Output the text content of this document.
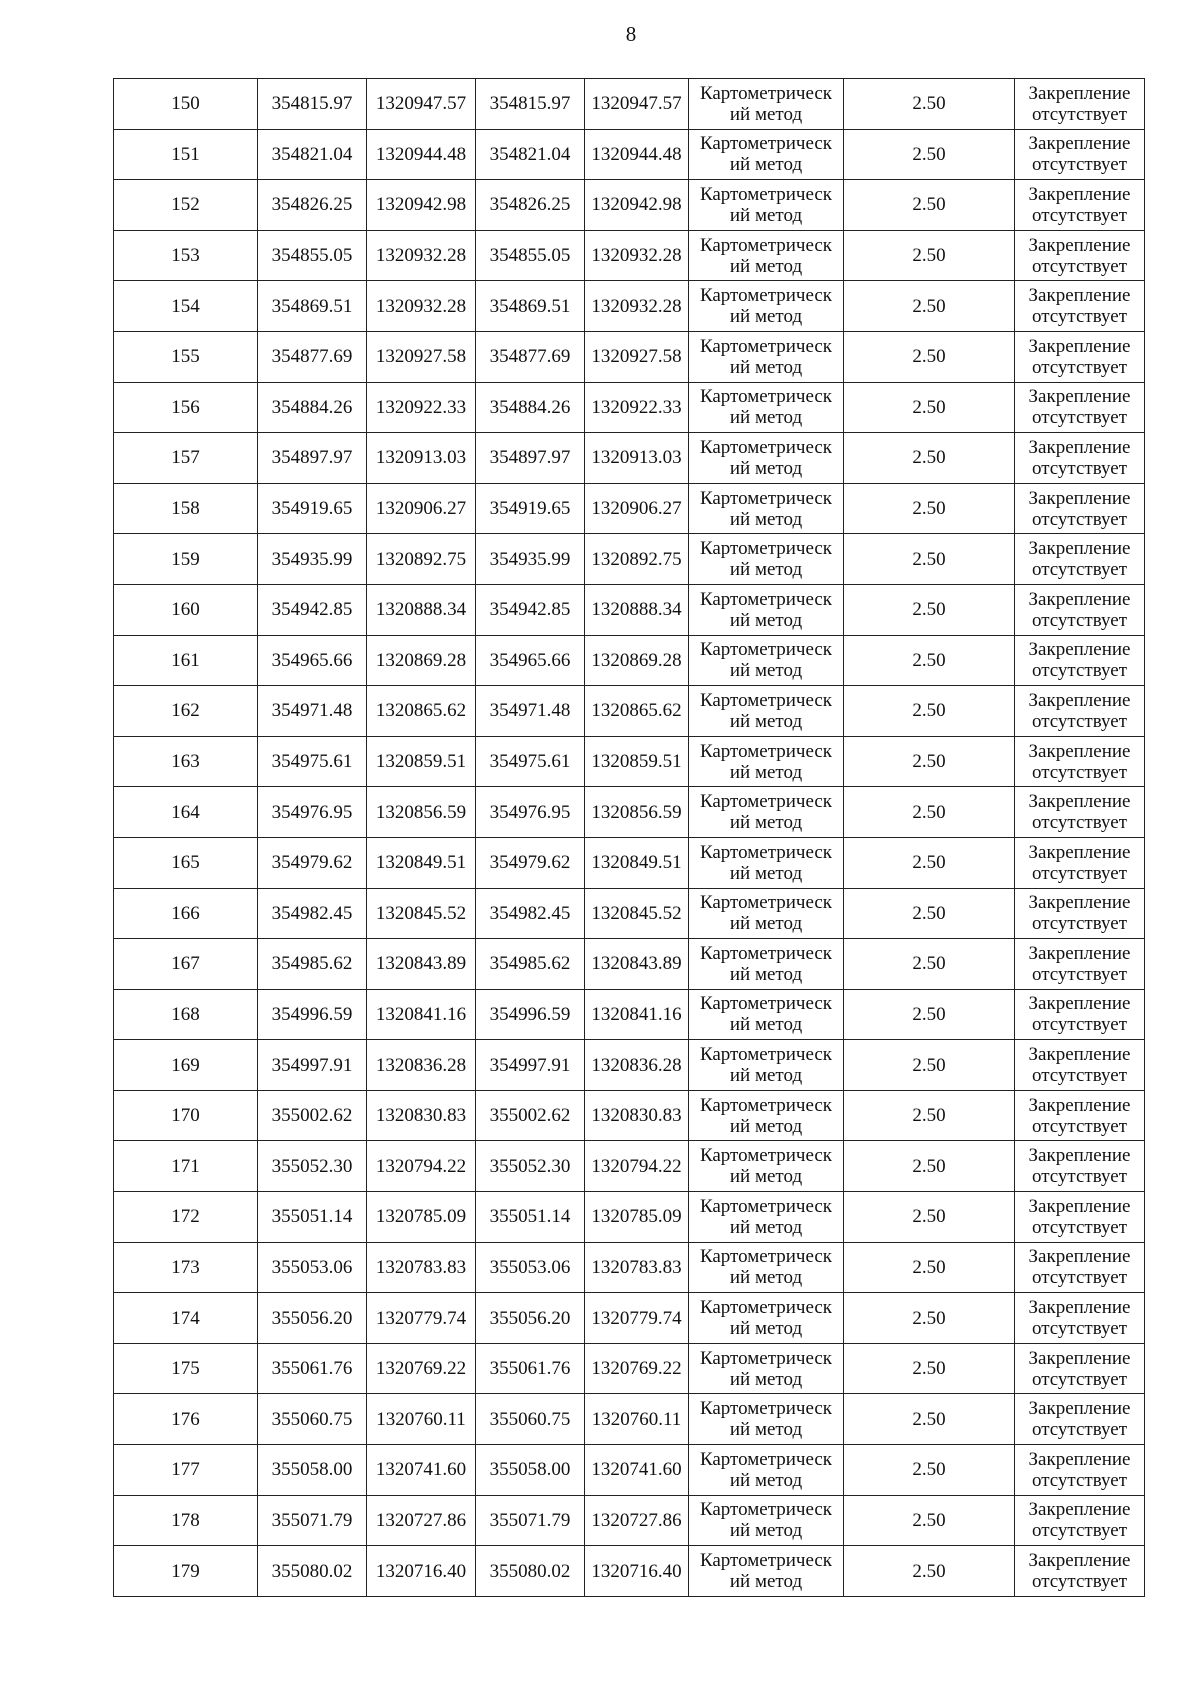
8
150	354815.97	1320947.57	354815.97	1320947.57	Картометрическ
ий метод	2.50	Закрепление
отсутствует

151	354821.04	1320944.48	354821.04	1320944.48	Картометрическ
ий метод	2.50	Закрепление
отсутствует

152	354826.25	1320942.98	354826.25	1320942.98	Картометрическ
ий метод	2.50	Закрепление
отсутствует

153	354855.05	1320932.28	354855.05	1320932.28	Картометрическ
ий метод	2.50	Закрепление
отсутствует

154	354869.51	1320932.28	354869.51	1320932.28	Картометрическ
ий метод	2.50	Закрепление
отсутствует

155	354877.69	1320927.58	354877.69	1320927.58	Картометрическ
ий метод	2.50	Закрепление
отсутствует

156	354884.26	1320922.33	354884.26	1320922.33	Картометрическ
ий метод	2.50	Закрепление
отсутствует

157	354897.97	1320913.03	354897.97	1320913.03	Картометрическ
ий метод	2.50	Закрепление
отсутствует

158	354919.65	1320906.27	354919.65	1320906.27	Картометрическ
ий метод	2.50	Закрепление
отсутствует

159	354935.99	1320892.75	354935.99	1320892.75	Картометрическ
ий метод	2.50	Закрепление
отсутствует

160	354942.85	1320888.34	354942.85	1320888.34	Картометрическ
ий метод	2.50	Закрепление
отсутствует

161	354965.66	1320869.28	354965.66	1320869.28	Картометрическ
ий метод	2.50	Закрепление
отсутствует

162	354971.48	1320865.62	354971.48	1320865.62	Картометрическ
ий метод	2.50	Закрепление
отсутствует

163	354975.61	1320859.51	354975.61	1320859.51	Картометрическ
ий метод	2.50	Закрепление
отсутствует

164	354976.95	1320856.59	354976.95	1320856.59	Картометрическ
ий метод	2.50	Закрепление
отсутствует

165	354979.62	1320849.51	354979.62	1320849.51	Картометрическ
ий метод	2.50	Закрепление
отсутствует

166	354982.45	1320845.52	354982.45	1320845.52	Картометрическ
ий метод	2.50	Закрепление
отсутствует

167	354985.62	1320843.89	354985.62	1320843.89	Картометрическ
ий метод	2.50	Закрепление
отсутствует

168	354996.59	1320841.16	354996.59	1320841.16	Картометрическ
ий метод	2.50	Закрепление
отсутствует

169	354997.91	1320836.28	354997.91	1320836.28	Картометрическ
ий метод	2.50	Закрепление
отсутствует

170	355002.62	1320830.83	355002.62	1320830.83	Картометрическ
ий метод	2.50	Закрепление
отсутствует

171	355052.30	1320794.22	355052.30	1320794.22	Картометрическ
ий метод	2.50	Закрепление
отсутствует

172	355051.14	1320785.09	355051.14	1320785.09	Картометрическ
ий метод	2.50	Закрепление
отсутствует

173	355053.06	1320783.83	355053.06	1320783.83	Картометрическ
ий метод	2.50	Закрепление
отсутствует

174	355056.20	1320779.74	355056.20	1320779.74	Картометрическ
ий метод	2.50	Закрепление
отсутствует

175	355061.76	1320769.22	355061.76	1320769.22	Картометрическ
ий метод	2.50	Закрепление
отсутствует

176	355060.75	1320760.11	355060.75	1320760.11	Картометрическ
ий метод	2.50	Закрепление
отсутствует

177	355058.00	1320741.60	355058.00	1320741.60	Картометрическ
ий метод	2.50	Закрепление
отсутствует

178	355071.79	1320727.86	355071.79	1320727.86	Картометрическ
ий метод	2.50	Закрепление
отсутствует

179	355080.02	1320716.40	355080.02	1320716.40	Картометрическ
ий метод	2.50	Закрепление
отсутствует
